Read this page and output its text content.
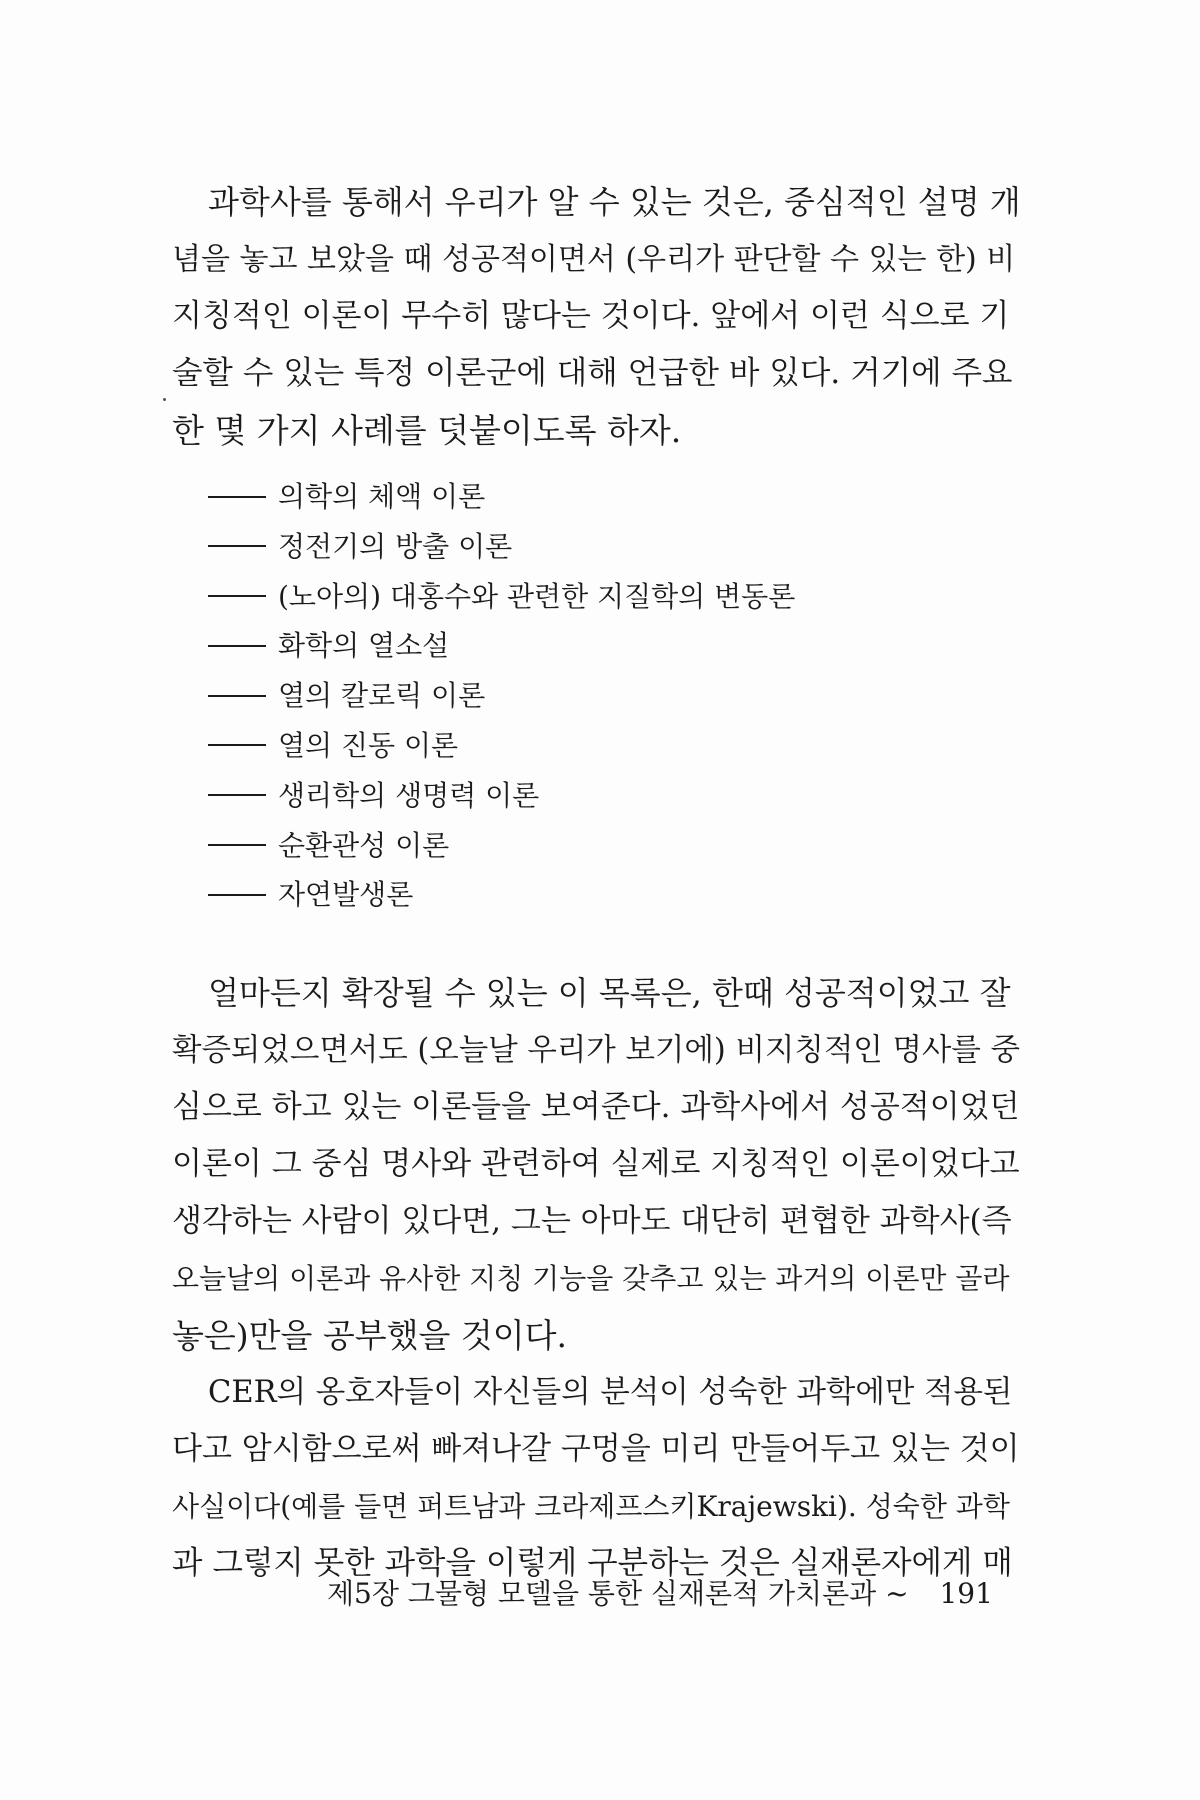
과학사를 통해서 우리가 알 수 있는 것은, 중심적인 설명 개
념을 놓고 보았을 때 성공적이면서 (우리가 판단할 수 있는 한) 비
지칭적인 이론이 무수히 많다는 것이다. 앞에서 이런 식으로 기
술할 수 있는 특정 이론군에 대해 언급한 바 있다. 거기에 주요
한 몇 가지 사례를 덧붙이도록 하자.

의학의 체액 이론
정전기의 방출 이론
(노아의) 대홍수와 관련한 지질학의 변동론
화학의 열소설
열의 칼로릭 이론
열의 진동 이론
생리학의 생명력 이론
순환관성 이론
자연발생론

얼마든지 확장될 수 있는 이 목록은, 한때 성공적이었고 잘
확증되었으면서도 (오늘날 우리가 보기에) 비지칭적인 명사를 중
심으로 하고 있는 이론들을 보여준다. 과학사에서 성공적이었던
이론이 그 중심 명사와 관련하여 실제로 지칭적인 이론이었다고
생각하는 사람이 있다면, 그는 아마도 대단히 편협한 과학사(즉
오늘날의 이론과 유사한 지칭 기능을 갖추고 있는 과거의 이론만 골라
놓은)만을 공부했을 것이다.
CER의 옹호자들이 자신들의 분석이 성숙한 과학에만 적용된
다고 암시함으로써 빠져나갈 구멍을 미리 만들어두고 있는 것이
사실이다(예를 들면 퍼트남과 크라제프스키Krajewski). 성숙한 과학
과 그렇지 못한 과학을 이렇게 구분하는 것은 실재론자에게 매

제5장 그물형 모델을 통한 실재론적 가치론과 ~ 191
